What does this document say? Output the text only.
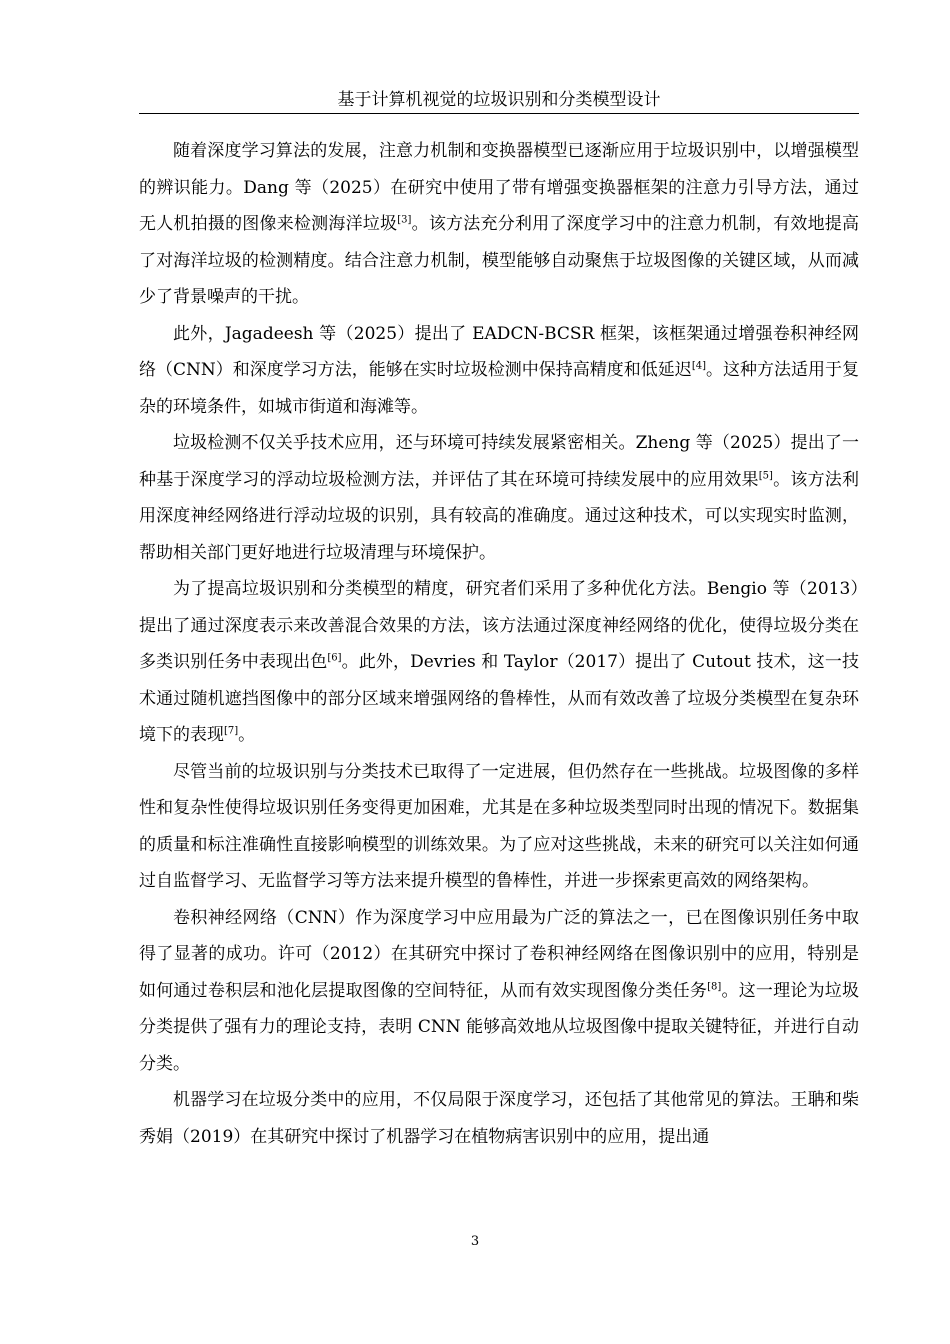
基于计算机视觉的垃圾识别和分类模型设计

随着深度学习算法的发展，注意力机制和变换器模型已逐渐应用于垃圾识别中，以增强模型的辨识能力。Dang 等（2025）在研究中使用了带有增强变换器框架的注意力引导方法，通过无人机拍摄的图像来检测海洋垃圾[3]。该方法充分利用了深度学习中的注意力机制，有效地提高了对海洋垃圾的检测精度。结合注意力机制，模型能够自动聚焦于垃圾图像的关键区域，从而减少了背景噪声的干扰。

此外，Jagadeesh 等（2025）提出了 EADCN-BCSR 框架，该框架通过增强卷积神经网络（CNN）和深度学习方法，能够在实时垃圾检测中保持高精度和低延迟[4]。这种方法适用于复杂的环境条件，如城市街道和海滩等。

垃圾检测不仅关乎技术应用，还与环境可持续发展紧密相关。Zheng 等（2025）提出了一种基于深度学习的浮动垃圾检测方法，并评估了其在环境可持续发展中的应用效果[5]。该方法利用深度神经网络进行浮动垃圾的识别，具有较高的准确度。通过这种技术，可以实现实时监测，帮助相关部门更好地进行垃圾清理与环境保护。

为了提高垃圾识别和分类模型的精度，研究者们采用了多种优化方法。Bengio 等（2013）提出了通过深度表示来改善混合效果的方法，该方法通过深度神经网络的优化，使得垃圾分类在多类识别任务中表现出色[6]。此外，Devries 和 Taylor（2017）提出了 Cutout 技术，这一技术通过随机遮挡图像中的部分区域来增强网络的鲁棒性，从而有效改善了垃圾分类模型在复杂环境下的表现[7]。

尽管当前的垃圾识别与分类技术已取得了一定进展，但仍然存在一些挑战。垃圾图像的多样性和复杂性使得垃圾识别任务变得更加困难，尤其是在多种垃圾类型同时出现的情况下。数据集的质量和标注准确性直接影响模型的训练效果。为了应对这些挑战，未来的研究可以关注如何通过自监督学习、无监督学习等方法来提升模型的鲁棒性，并进一步探索更高效的网络架构。

卷积神经网络（CNN）作为深度学习中应用最为广泛的算法之一，已在图像识别任务中取得了显著的成功。许可（2012）在其研究中探讨了卷积神经网络在图像识别中的应用，特别是如何通过卷积层和池化层提取图像的空间特征，从而有效实现图像分类任务[8]。这一理论为垃圾分类提供了强有力的理论支持，表明 CNN 能够高效地从垃圾图像中提取关键特征，并进行自动分类。

机器学习在垃圾分类中的应用，不仅局限于深度学习，还包括了其他常见的算法。王聃和柴秀娟（2019）在其研究中探讨了机器学习在植物病害识别中的应用，提出通

3
